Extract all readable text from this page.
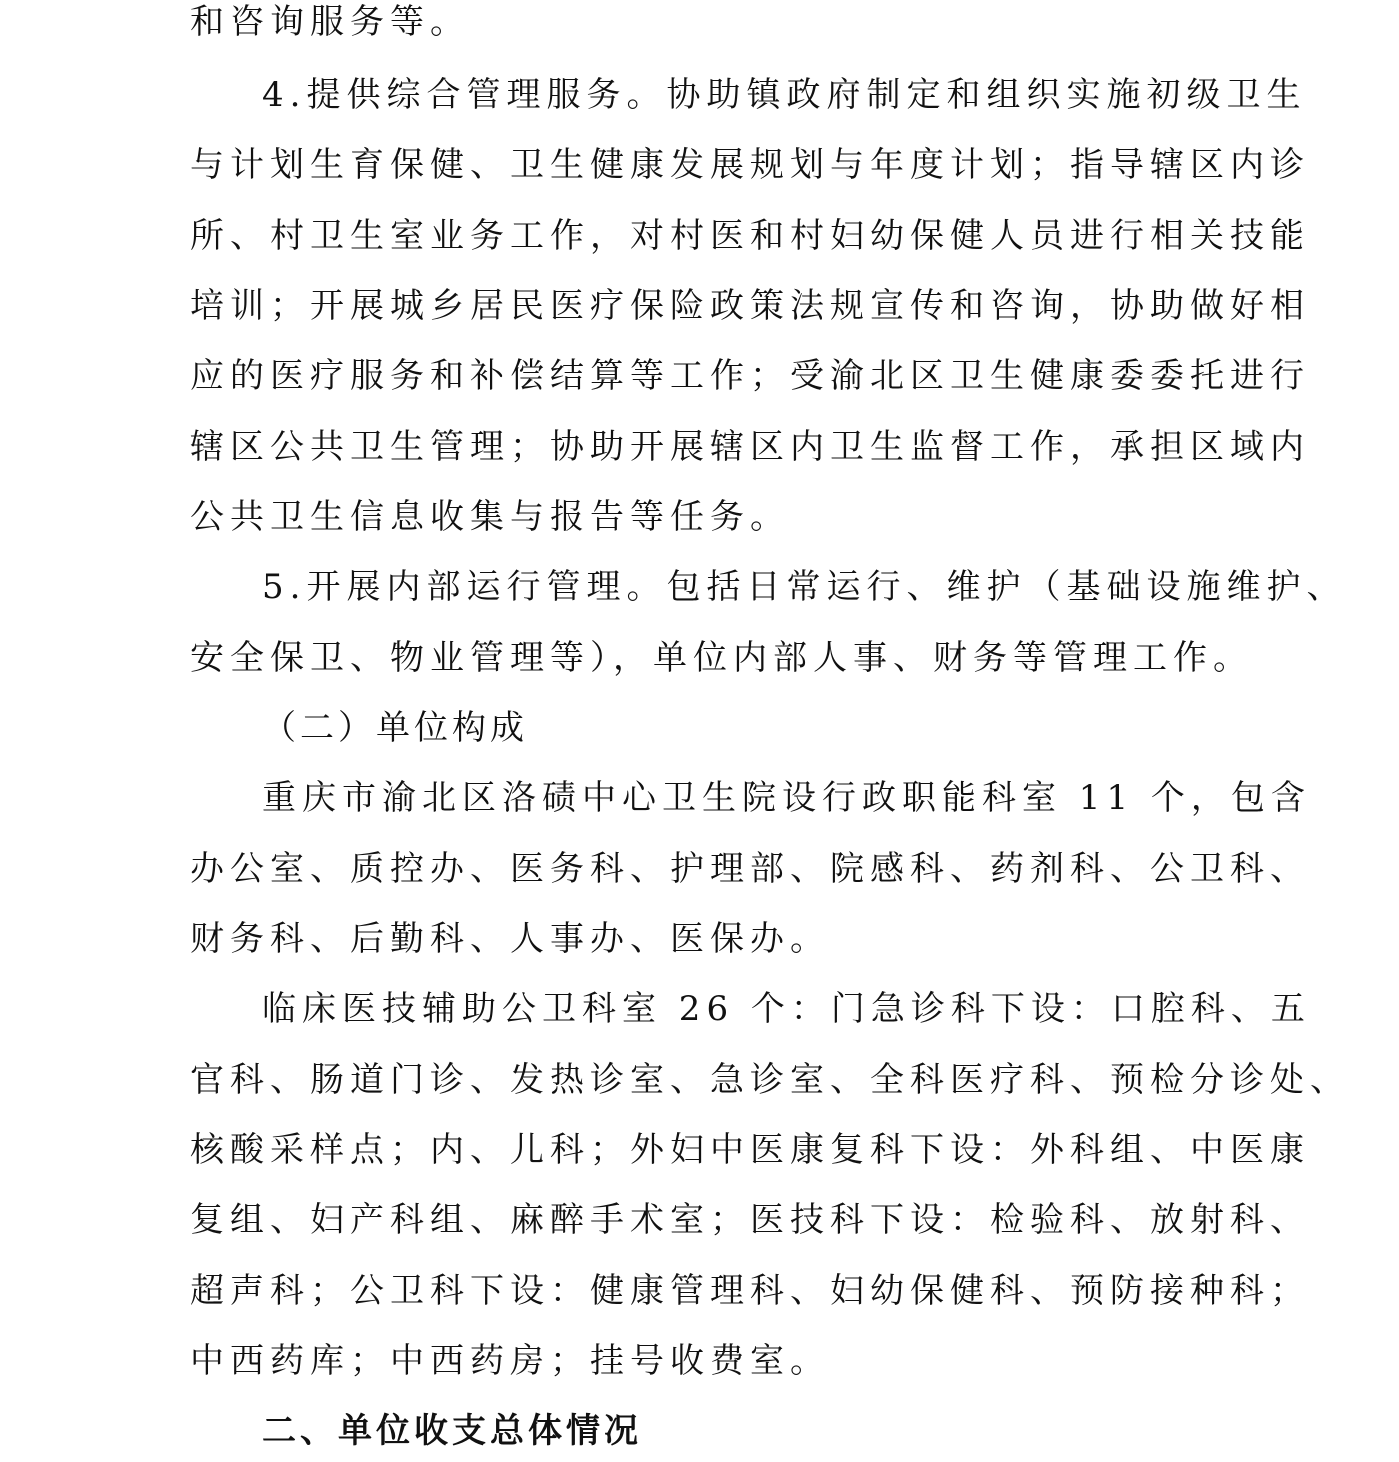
和咨询服务等。
4.提供综合管理服务。协助镇政府制定和组织实施初级卫生
与计划生育保健、卫生健康发展规划与年度计划；指导辖区内诊
所、村卫生室业务工作，对村医和村妇幼保健人员进行相关技能
培训；开展城乡居民医疗保险政策法规宣传和咨询，协助做好相
应的医疗服务和补偿结算等工作；受渝北区卫生健康委委托进行
辖区公共卫生管理；协助开展辖区内卫生监督工作，承担区域内
公共卫生信息收集与报告等任务。
5.开展内部运行管理。包括日常运行、维护（基础设施维护、
安全保卫、物业管理等），单位内部人事、财务等管理工作。
（二）单位构成
重庆市渝北区洛碛中心卫生院设行政职能科室 11 个，包含
办公室、质控办、医务科、护理部、院感科、药剂科、公卫科、
财务科、后勤科、人事办、医保办。
临床医技辅助公卫科室 26 个：门急诊科下设：口腔科、五
官科、肠道门诊、发热诊室、急诊室、全科医疗科、预检分诊处、
核酸采样点；内、儿科；外妇中医康复科下设：外科组、中医康
复组、妇产科组、麻醉手术室；医技科下设：检验科、放射科、
超声科；公卫科下设：健康管理科、妇幼保健科、预防接种科；
中西药库；中西药房；挂号收费室。
二、单位收支总体情况
